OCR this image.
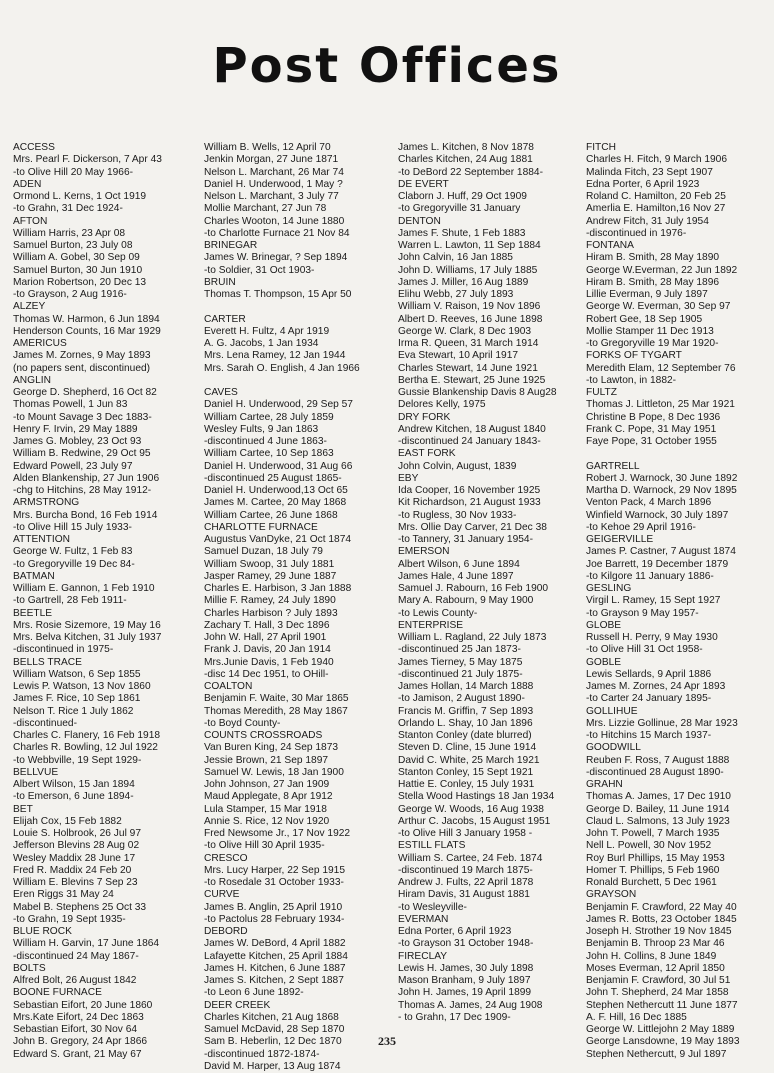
Post Offices
ACCESS
Mrs. Pearl F. Dickerson, 7 Apr 43
-to Olive Hill 20 May 1966-
ADEN
Ormond L. Kerns, 1 Oct 1919
-to Grahn, 31 Dec 1924-
AFTON
William Harris, 23 Apr 08
Samuel Burton, 23 July 08
William A. Gobel, 30 Sep 09
Samuel Burton, 30 Jun 1910
Marion Robertson, 20 Dec 13
-to Grayson, 2 Aug 1916-
ALZEY
Thomas W. Harmon, 6 Jun 1894
Henderson Counts, 16 Mar 1929
AMERICUS
James M. Zornes, 9 May 1893
(no papers sent, discontinued)
ANGLIN
George D. Shepherd, 16 Oct 82
Thomas Powell, 1 Jun 83
-to Mount Savage 3 Dec 1883-
Henry F. Irvin, 29 May 1889
James G. Mobley, 23 Oct 93
William B. Redwine, 29 Oct 95
Edward Powell, 23 July 97
Alden Blankenship, 27 Jun 1906
-chg to Hitchins, 28 May 1912-
ARMSTRONG
Mrs. Burcha Bond, 16 Feb 1914
-to Olive Hill 15 July 1933-
ATTENTION
George W. Fultz, 1 Feb 83
-to Gregoryville 19 Dec 84-
BATMAN
William E. Gannon, 1 Feb 1910
-to Gartrell, 28 Feb 1911-
BEETLE
Mrs. Rosie Sizemore, 19 May 16
Mrs. Belva Kitchen, 31 July 1937
-discontinued in 1975-
BELLS TRACE
William Watson, 6 Sep 1855
Lewis P. Watson, 13 Nov 1860
James F. Rice, 10 Sep 1861
Nelson T. Rice 1 July 1862
-discontinued-
Charles C. Flanery, 16 Feb 1918
Charles R. Bowling, 12 Jul 1922
-to Webbville, 19 Sept 1929-
BELLVUE
Albert Wilson, 15 Jan 1894
-to Emerson, 6 June 1894-
BET
Elijah Cox, 15 Feb 1882
Louie S. Holbrook, 26 Jul 97
Jefferson Blevins 28 Aug 02
Wesley Maddix 28 June 17
Fred R. Maddix 24 Feb 20
William E. Blevins 7 Sep 23
Eren Riggs 31 May 24
Mabel B. Stephens 25 Oct 33
-to Grahn, 19 Sept 1935-
BLUE ROCK
William H. Garvin, 17 June 1864
-discontinued 24 May 1867-
BOLTS
Alfred Bolt, 26 August 1842
BOONE FURNACE
Sebastian Eifort, 20 June 1860
Mrs.Kate Eifort, 24 Dec 1863
Sebastian Eifort, 30 Nov 64
John B. Gregory, 24 Apr 1866
Edward S. Grant, 21 May 67
William B. Wells, 12 April 70
Jenkin Morgan, 27 June 1871
Nelson L. Marchant, 26 Mar 74
Daniel H. Underwood, 1 May ?
Nelson L. Marchant, 3 July 77
Mollie Marchant, 27 Jun 78
Charles Wooton, 14 June 1880
-to Charlotte Furnace 21 Nov 84
BRINEGAR
James W. Brinegar, ? Sep 1894
-to Soldier, 31 Oct 1903-
BRUIN
Thomas T. Thompson, 15 Apr 50
CARTER
Everett H. Fultz, 4 Apr 1919
A. G. Jacobs, 1 Jan 1934
Mrs. Lena Ramey, 12 Jan 1944
Mrs. Sarah O. English, 4 Jan 1966
CAVES
Daniel H. Underwood, 29 Sep 57
William Cartee, 28 July 1859
Wesley Fults, 9 Jan 1863
-discontinued 4 June 1863-
William Cartee, 10 Sep 1863
Daniel H. Underwood, 31 Aug 66
-discontinued 25 August 1865-
Daniel H. Underwood,13 Oct 65
James M. Cartee, 20 May 1868
William Cartee, 26 June 1868
CHARLOTTE FURNACE
Augustus VanDyke, 21 Oct 1874
Samuel Duzan, 18 July 79
William Swoop, 31 July 1881
Jasper Ramey, 29 June 1887
Charles E. Harbison, 3 Jan 1888
Millie F. Ramey, 24 July 1890
Charles Harbison ? July 1893
Zachary T. Hall, 3 Dec 1896
John W. Hall, 27 April 1901
Frank J. Davis, 20 Jan 1914
Mrs.Junie Davis, 1 Feb 1940
-disc 14 Dec 1951, to OHill-
COALTON
Benjamin F. Waite, 30 Mar 1865
Thomas Meredith, 28 May 1867
-to Boyd County-
COUNTS CROSSROADS
Van Buren King, 24 Sep 1873
Jessie Brown, 21 Sep 1897
Samuel W. Lewis, 18 Jan 1900
John Johnson, 27 Jan 1909
Maud Applegate, 8 Apr 1912
Lula Stamper, 15 Mar 1918
Annie S. Rice, 12 Nov 1920
Fred Newsome Jr., 17 Nov 1922
-to Olive Hill 30 April 1935-
CRESCO
Mrs. Lucy Harper, 22 Sep 1915
-to Rosedale 31 October 1933-
CURVE
James B. Anglin, 25 April 1910
-to Pactolus 28 February 1934-
DEBORD
James W. DeBord, 4 April 1882
Lafayette Kitchen, 25 April 1884
James H. Kitchen, 6 June 1887
James S. Kitchen, 2 Sept 1887
-to Leon 6 June 1892-
DEER CREEK
Charles Kitchen, 21 Aug 1868
Samuel McDavid, 28 Sep 1870
Sam B. Heberlin, 12 Dec 1870
-discontinued 1872-1874-
David M. Harper, 13 Aug 1874
James L. Kitchen, 8 Nov 1878
Charles Kitchen, 24 Aug 1881
-to DeBord 22 September 1884-
DE EVERT
Claborn J. Huff, 29 Oct 1909
-to Gregoryville 31 January
DENTON
James F. Shute, 1 Feb 1883
Warren L. Lawton, 11 Sep 1884
John Calvin, 16 Jan 1885
John D. Williams, 17 July 1885
James J. Miller, 16 Aug 1889
Elihu Webb, 27 July 1893
William V. Raison, 19 Nov 1896
Albert D. Reeves, 16 June 1898
George W. Clark, 8 Dec 1903
Irma R. Queen, 31 March 1914
Eva Stewart, 10 April 1917
Charles Stewart, 14 June 1921
Bertha E. Stewart, 25 June 1925
Gussie Blankenship Davis 8 Aug28
Delores Kelly, 1975
DRY FORK
Andrew Kitchen, 18 August 1840
-discontinued 24 January 1843-
EAST FORK
John Colvin, August, 1839
EBY
Ida Cooper, 16 November 1925
Kit Richardson, 21 August 1933
-to Rugless, 30 Nov 1933-
Mrs. Ollie Day Carver, 21 Dec 38
-to Tannery, 31 January 1954-
EMERSON
Albert Wilson, 6 June 1894
James Hale, 4 June 1897
Samuel J. Rabourn, 16 Feb 1900
Mary A. Rabourn, 9 May 1900
-to Lewis County-
ENTERPRISE
William L. Ragland, 22 July 1873
-discontinued 25 Jan 1873-
James Tierney, 5 May 1875
-discontinued 21 July 1875-
James Hollan, 14 March 1888
-to Jamison, 2 August 1890-
Francis M. Griffin, 7 Sep 1893
Orlando L. Shay, 10 Jan 1896
Stanton Conley (date blurred)
Steven D. Cline, 15 June 1914
David C. White, 25 March 1921
Stanton Conley, 15 Sept 1921
Hattie E. Conley, 15 July 1931
Stella Wood Hastings 18 Jan 1934
George W. Woods, 16 Aug 1938
Arthur C. Jacobs, 15 August 1951
-to Olive Hill 3 January 1958 -
ESTILL FLATS
William S. Cartee, 24 Feb. 1874
-discontinued 19 March 1875-
Andrew J. Fults, 22 April 1878
Hiram Davis, 31 August 1881
-to Wesleyville-
EVERMAN
Edna Porter, 6 April 1923
-to Grayson 31 October 1948-
FIRECLAY
Lewis H. James, 30 July 1898
Mason Branham, 9 July 1897
John H. James, 19 April 1899
Thomas A. James, 24 Aug 1908
- to Grahn, 17 Dec 1909-
FITCH
Charles H. Fitch, 9 March 1906
Malinda Fitch, 23 Sept 1907
Edna Porter, 6 April 1923
Roland C. Hamilton, 20 Feb 25
Amerlia E. Hamilton,16 Nov 27
Andrew Fitch, 31 July 1954
-discontinued in 1976-
FONTANA
Hiram B. Smith, 28 May 1890
George W.Everman, 22 Jun 1892
Hiram B. Smith, 28 May 1896
Lillie Everman, 9 July 1897
George W. Everman, 30 Sep 97
Robert Gee, 18 Sep 1905
Mollie Stamper 11 Dec 1913
-to Gregoryville 19 Mar 1920-
FORKS OF TYGART
Meredith Elam, 12 September 76
-to Lawton, in 1882-
FULTZ
Thomas J. Littleton, 25 Mar 1921
Christine B Pope, 8 Dec 1936
Frank C. Pope, 31 May 1951
Faye Pope, 31 October 1955
GARTRELL
Robert J. Warnock, 30 June 1892
Martha D. Warnock, 29 Nov 1895
Venton Pack, 4 March 1896
Winfield Warnock, 30 July 1897
-to Kehoe 29 April 1916-
GEIGERVILLE
James P. Castner, 7 August 1874
Joe Barrett, 19 December 1879
-to Kilgore 11 January 1886-
GESLING
Virgil L. Ramey, 15 Sept 1927
-to Grayson 9 May 1957-
GLOBE
Russell H. Perry, 9 May 1930
-to Olive Hill 31 Oct 1958-
GOBLE
Lewis Sellards, 9 April 1886
James M. Zornes, 24 Apr 1893
-to Carter 24 January 1895-
GOLLIHUE
Mrs. Lizzie Gollinue, 28 Mar 1923
-to Hitchins 15 March 1937-
GOODWILL
Reuben F. Ross, 7 August 1888
-discontinued 28 August 1890-
GRAHN
Thomas A. James, 17 Dec 1910
George D. Bailey, 11 June 1914
Claud L. Salmons, 13 July 1923
John T. Powell, 7 March 1935
Nell L. Powell, 30 Nov 1952
Roy Burl Phillips, 15 May 1953
Homer T. Phillips, 5 Feb 1960
Ronald Burchett, 5 Dec 1961
GRAYSON
Benjamin F. Crawford, 22 May 40
James R. Botts, 23 October 1845
Joseph H. Strother 19 Nov 1845
Benjamin B. Throop 23 Mar 46
John H. Collins, 8 June 1849
Moses Everman, 12 April 1850
Benjamin F. Crawford, 30 Jul 51
John T. Shepherd, 24 Mar 1858
Stephen Nethercutt 11 June 1877
A. F. Hill, 16 Dec 1885
George W. Littlejohn 2 May 1889
George Lansdowne, 19 May 1893
Stephen Nethercutt, 9 Jul 1897
235
